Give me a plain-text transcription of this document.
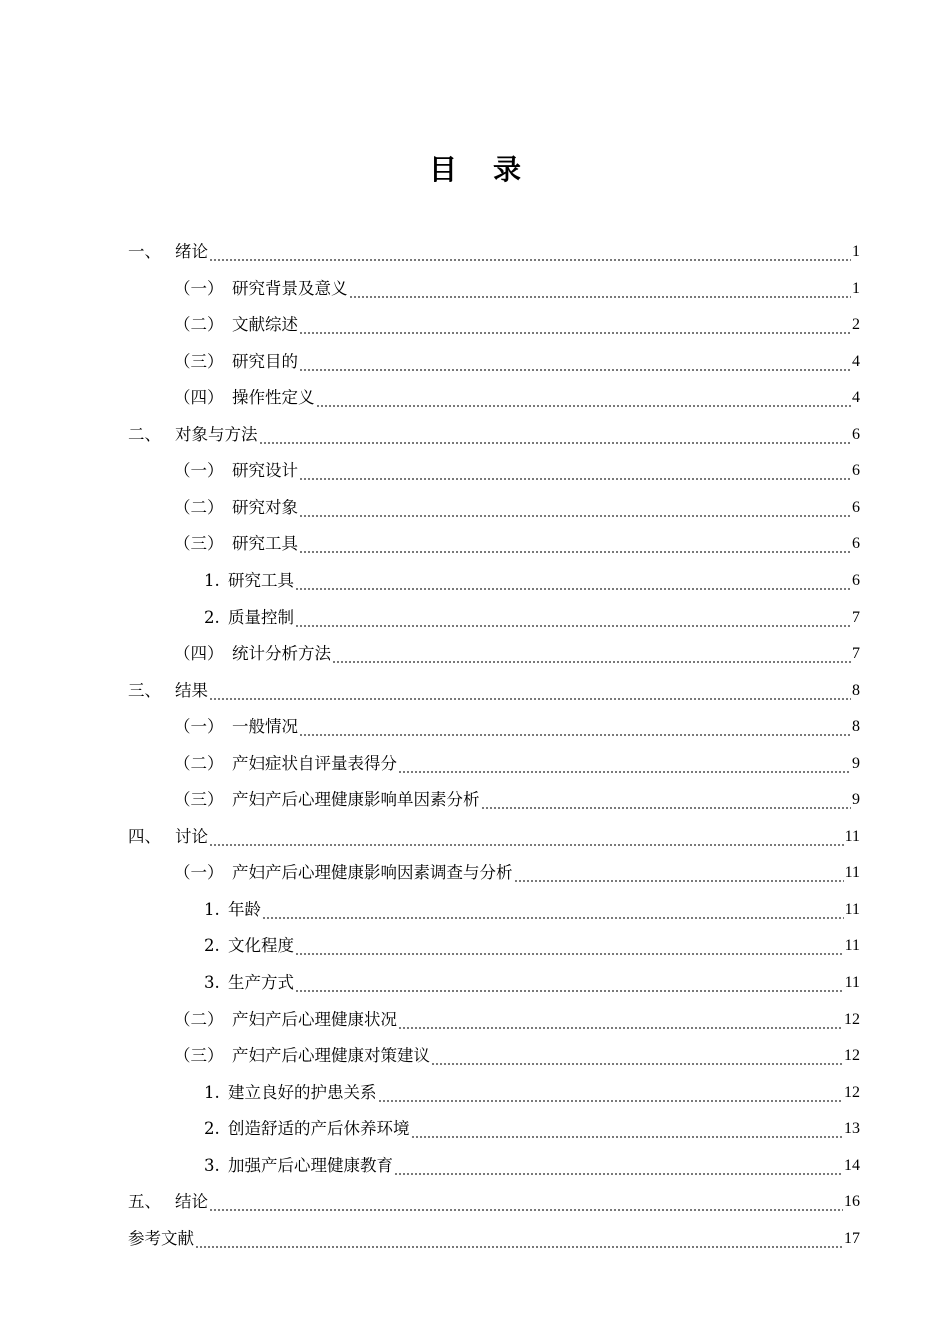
目 录
一、 绪论	1
（一） 研究背景及意义	1
（二） 文献综述	2
（三） 研究目的	4
（四） 操作性定义	4
二、 对象与方法	6
（一） 研究设计	6
（二） 研究对象	6
（三） 研究工具	6
1. 研究工具	6
2. 质量控制	7
（四） 统计分析方法	7
三、 结果	8
（一） 一般情况	8
（二） 产妇症状自评量表得分	9
（三） 产妇产后心理健康影响单因素分析	9
四、 讨论	11
（一） 产妇产后心理健康影响因素调查与分析	11
1. 年龄	11
2. 文化程度	11
3. 生产方式	11
（二） 产妇产后心理健康状况	12
（三） 产妇产后心理健康对策建议	12
1. 建立良好的护患关系	12
2. 创造舒适的产后休养环境	13
3. 加强产后心理健康教育	14
五、 结论	16
参考文献	17
